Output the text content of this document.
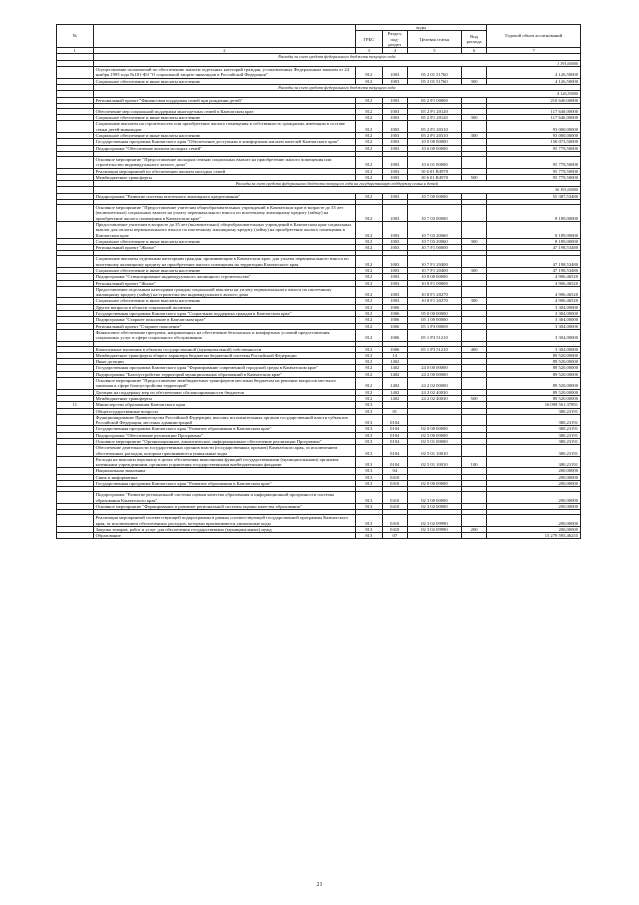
№		коды				Годовой объем ассигнований
		ГРБС	Раздел, под-раздел	Целевая статья	Вид расхода	
1	2	3	4	5	6	7
	Расходы за счет средств федерального бюджета текущего года					
	1 391,60000					
	Осуществление полномочий по обеспечению жильем отдельных категорий граждан, установленных Федеральным законом от 24 ноября 1995 года №181-ФЗ "О социальной защите инвалидов в Российской Федерации"	812	1003	05 2 01 51760		4 126,50000
	Социальное обеспечение и иные выплаты населению	812	1003	05 2 01 51760	300	4 126,50000
	Расходы за счет средств федерального бюджета текущего года					
	4 126,50000					
	Региональный проект "Финансовая поддержка семей при рождении детей"	812	1003	05 2 P1 00000		210 640,00000

	Обеспечение мер социальной поддержки многодетных семей в Камчатском крае	812	1003	05 2 P1 20120		117 640,00000
	Социальное обеспечение и иные выплаты населению	812	1003	05 2 P1 20120	300	117 640,00000
	Социальные выплаты на строительство или приобретение жилого помещения в собственность гражданам, имеющим в составе семьи детей-инвалидов	812	1003	05 2 P1 20310		93 000,00000
	Социальное обеспечение и иные выплаты населению	812	1003	05 2 P1 20310	300	93 000,00000
	Государственная программа Камчатского края "Обеспечение доступным и комфортным жильем жителей Камчатского края"	812	1003	10 0 00 00000		156 073,50000
	Подпрограмма "Обеспечение жильем молодых семей"	812	1003	10 6 00 00000		95 779,50000

	Основное мероприятие "Предоставление молодым семьям социальных выплат на приобретение жилого помещения или строительство индивидуального жилого дома"	812	1003	10 6 01 00000		95 779,50000
	Реализация мероприятий по обеспечению жильем молодых семей	812	1003	10 6 01 R4970		95 779,50000
	Межбюджетные трансферты	812	1003	10 6 01 R4970	500	95 779,50000
	Расходы за счет средств федерального бюджета текущего года на государственную поддержку семьи и детей					
	36 191,60000					
	Подпрограмма "Развитие системы ипотечного жилищного кредитования"	812	1003	10 7 00 00000		55 387,53480

	Основное мероприятие "Предоставление учителям общеобразовательных учреждений в Камчатском крае в возрасте до 35 лет (включительно) социальных выплат на уплату первоначального взноса по ипотечному жилищному кредиту (займу) на приобретение жилого помещения в Камчатском крае"	812	1003	10 7 03 00000		8 189,00000
	Предоставление учителям в возрасте до 35 лет (включительно) общеобразовательных учреждений в Камчатском крае социальных выплат для оплаты первоначального взноса по ипотечному жилищному кредиту (займу) на приобретение жилого помещения в Камчатском крае	812	1003	10 7 03 20060		8 189,00000
	Социальное обеспечение и иные выплаты населению	812	1003	10 7 03 20060	300	8 189,00000
	Региональный проект "Жилье"	812	1003	10 7 F1 00000		47 198,53480

	Социальные выплаты отдельным категориям граждан, проживающим в Камчатском крае, для уплаты первоначального взноса по ипотечному жилищному кредиту на приобретение жилого помещения на территории Камчатского края	812	1003	10 7 F1 20400		47 198,53480
	Социальное обеспечение и иные выплаты населению	812	1003	10 7 F1 20400	300	47 198,53480
	Подпрограмма "Стимулирование индивидуального жилищного строительства"	812	1003	10 8 00 00000		4 906,46520
	Региональный проект "Жилье"	812	1003	10 8 F1 00000		4 906,46520
	Предоставление отдельным категориям граждан социальной выплаты на уплату первоначального взноса по ипотечному жилищному кредиту (займу) на строительство индивидуального жилого дома	812	1003	10 8 F1 20270		4 906,46520
	Социальное обеспечение и иные выплаты населению	812	1003	10 8 F1 20270	300	4 906,46520
	Другие вопросы в области социальной политики	812	1006			3 304,00000
	Государственная программа Камчатского края "Социальная поддержка граждан в Камчатском крае"	812	1006	05 0 00 00000		3 304,00000
	Подпрограмма "Старшее поколение в Камчатском крае"	812	1006	05 1 00 00000		3 304,00000
	Региональный проект "Старшее поколение"	812	1006	05 1 P3 00000		3 304,00000
	Финансовое обеспечение программ, направленных на обеспечение безопасных и комфортных условий предоставления социальных услуг в сфере социального обслуживания	812	1006	05 1 P3 51210		3 304,00000

	Капитальные вложения в объекты государственной (муниципальной) собственности	812	1006	05 1 P3 51210	400	3 304,00000
	Межбюджетные трансферты общего характера бюджетам бюджетной системы Российской Федерации	812	14			89 520,00000
	Иные дотации	812	1402			89 520,00000
	Государственная программа Камчатского края "Формирование современной городской среды в Камчатском крае"	812	1402	24 0 00 00000		89 520,00000
	Подпрограмма "Благоустройство территорий муниципальных образований в Камчатском крае"	812	1402	24 2 00 00000		89 520,00000
	Основное мероприятие "Предоставление межбюджетных трансфертов местным бюджетам на решение вопросов местного значения в сфере благоустройства территорий"	812	1402	24 2 02 00000		89 520,00000
	Дотации на поддержку мер по обеспечению сбалансированности бюджетов	812	1402	24 2 02 40030		89 520,00000
	Межбюджетные трансферты	812	1402	24 2 02 40030	500	89 520,00000
11	Министерство образования Камчатского края	813				16 098 561,37891
	Общегосударственные вопросы	813	01			380,23191
	Функционирование Правительства Российской Федерации, высших исполнительных органов государственной власти субъектов Российской Федерации, местных администраций	813	0104			380,23191
	Государственная программа Камчатского края "Развитие образования в Камчатском крае"	813	0104	02 0 00 00000		380,23191
	Подпрограмма "Обеспечение реализации Программы"	813	0104	02 5 00 00000		380,23191
	Основное мероприятие "Организационное, аналитическое, информационное обеспечение реализации Программы"	813	0104	02 5 01 00000		380,23191
	Обеспечение деятельности государственных органов власти (государственных органов) Камчатского края, за исключением обеспеченных расходов, которым присваиваются уникальные коды	813	0104	02 5 01 10010		380,23191
	Расходы на выплаты персоналу в целях обеспечения выполнения функций государственными (муниципальными) органами, казенными учреждениями, органами управления государственными внебюджетными фондами	813	0104	02 5 01 10010	100	380,23191
	Национальная экономика	813	04			200,00000
	Связь и информатика	813	0410			200,00000
	Государственная программа Камчатского края "Развитие образования в Камчатском крае"	813	0410	02 0 00 00000		200,00000

	Подпрограмма "Развитие региональной системы оценки качества образования и информационной прозрачности системы образования Камчатского края"	813	0410	02 3 00 00000		200,00000
	Основное мероприятие "Формирование и развитие региональной системы оценки качества образования"	813	0410	02 3 02 00000		200,00000

	Реализация мероприятий соответствующей подпрограммы в рамках соответствующей государственной программы Камчатского края, за исключением обеспеченных расходов, которым присваиваются уникальные коды	813	0410	02 3 02 09990		200,00000
	Закупка товаров, работ и услуг для обеспечения государственных (муниципальных) нужд	813	0410	02 3 02 09990	200	200,00000
	Образование	813	07			15 279 595,46255
21
